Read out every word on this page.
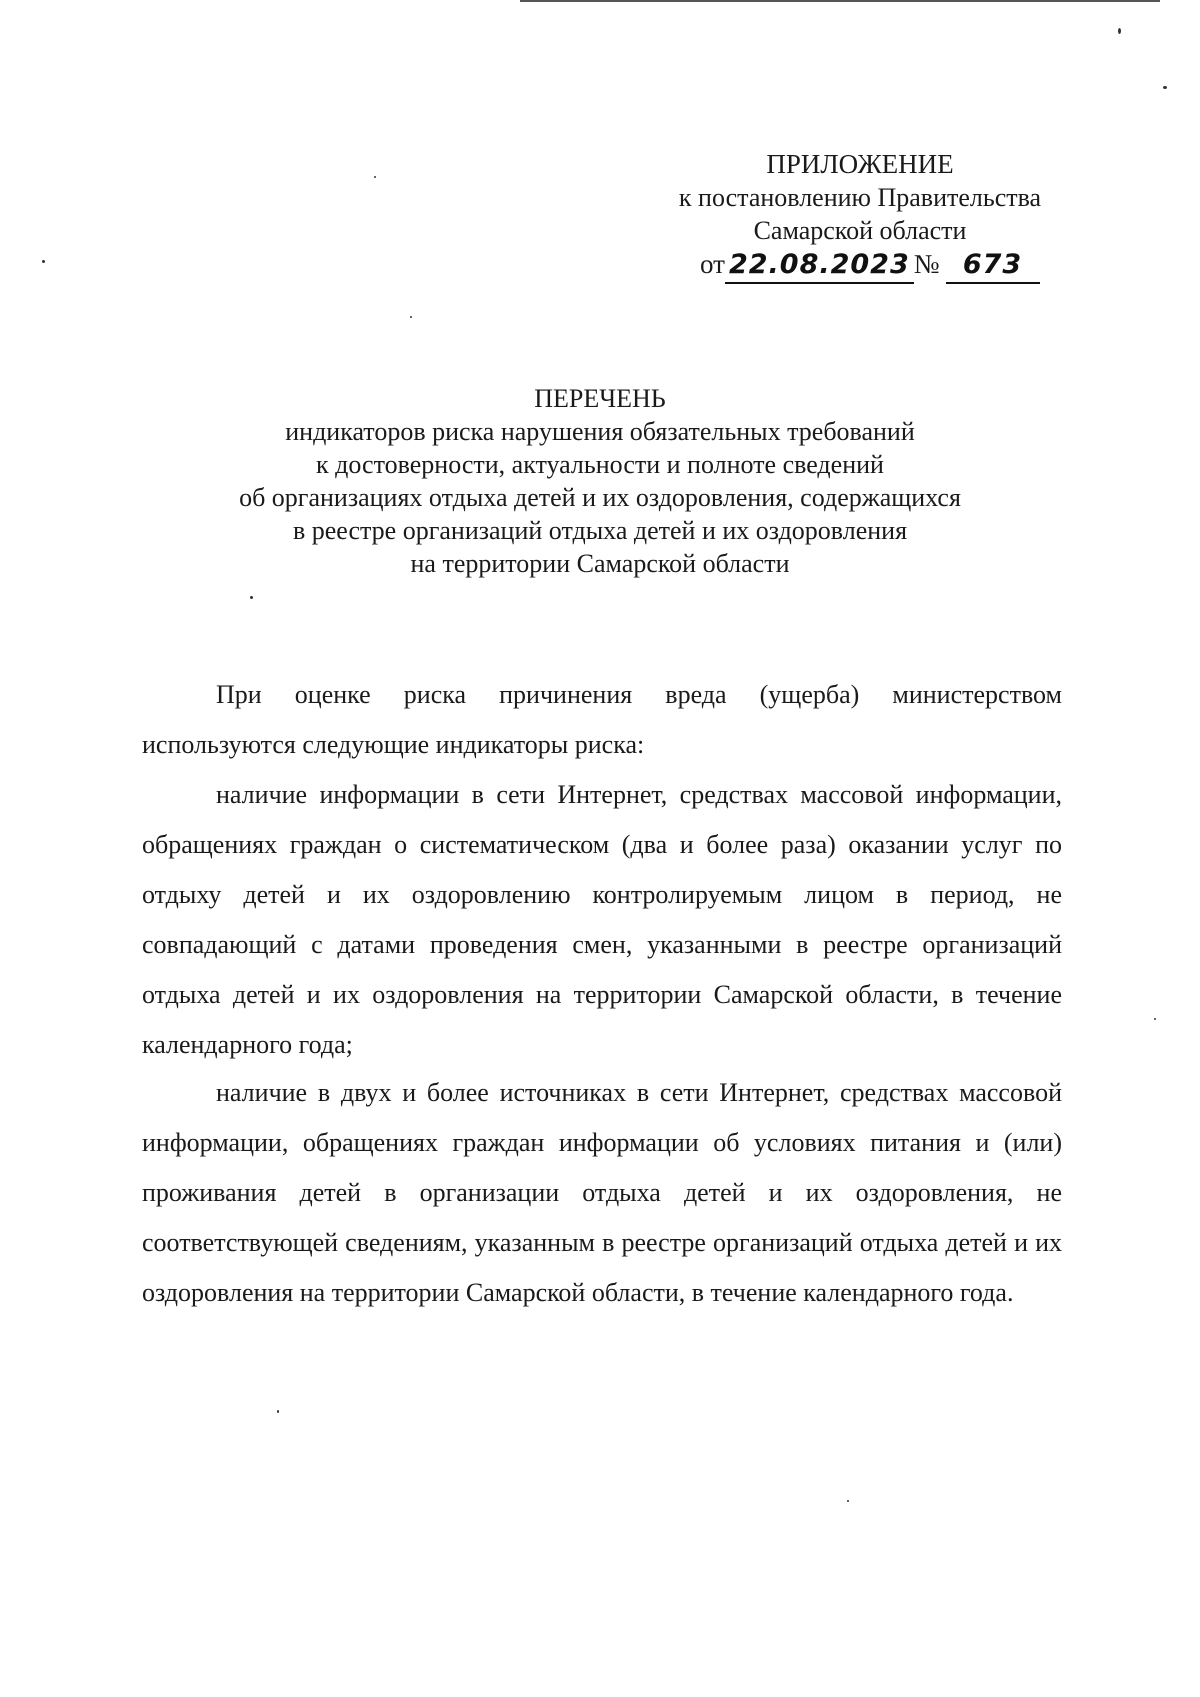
ПРИЛОЖЕНИЕ
к постановлению Правительства
Самарской области
от 22.08.2023 № 673
ПЕРЕЧЕНЬ
индикаторов риска нарушения обязательных требований
к достоверности, актуальности и полноте сведений
об организациях отдыха детей и их оздоровления, содержащихся
в реестре организаций отдыха детей и их оздоровления
на территории Самарской области

При оценке риска причинения вреда (ущерба) министерством используются следующие индикаторы риска:

наличие информации в сети Интернет, средствах массовой информации, обращениях граждан о систематическом (два и более раза) оказании услуг по отдыху детей и их оздоровлению контролируемым лицом в период, не совпадающий с датами проведения смен, указанными в реестре организаций отдыха детей и их оздоровления на территории Самарской области, в течение календарного года;

наличие в двух и более источниках в сети Интернет, средствах массовой информации, обращениях граждан информации об условиях питания и (или) проживания детей в организации отдыха детей и их оздоровления, не соответствующей сведениям, указанным в реестре организаций отдыха детей и их оздоровления на территории Самарской области, в течение календарного года.
